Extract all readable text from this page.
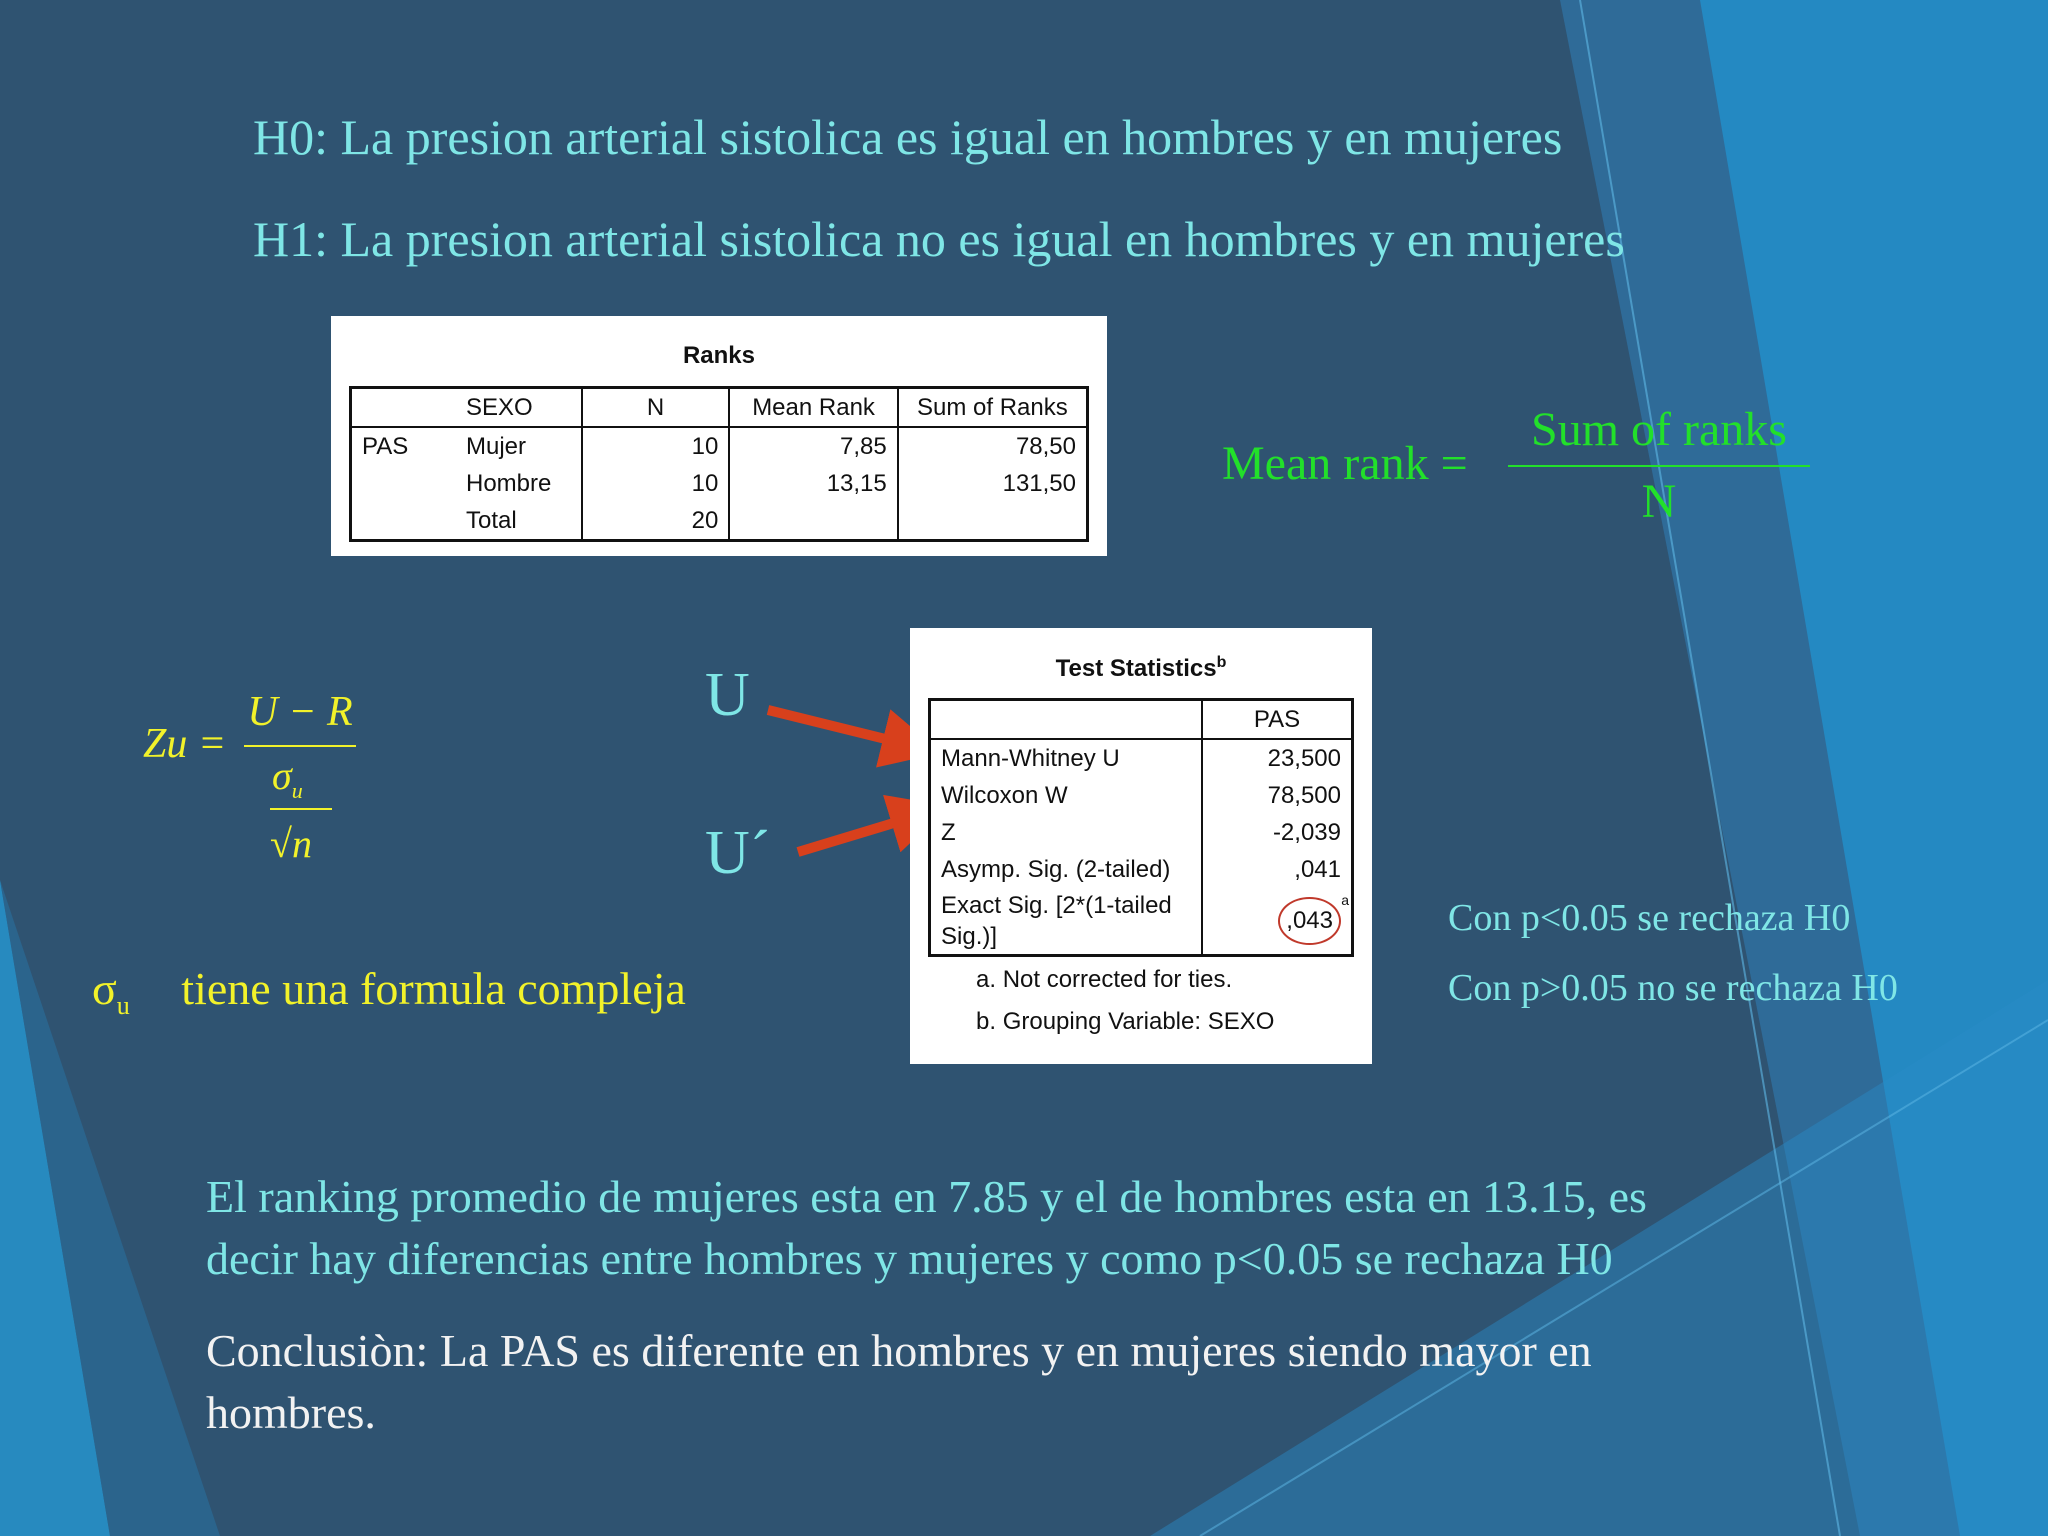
H0: La presion arterial sistolica es igual en hombres y en mujeres
H1: La presion arterial sistolica no es igual en hombres y en mujeres
Ranks
	SEXO	N	Mean Rank	Sum of Ranks
PAS	Mujer	10	7,85	78,50
	Hombre	10	13,15	131,50
	Total	20		
Mean rank =
Sum of ranks
N
Zu =
U − R
$\sigma_u$
√n
U
U´
Test Statistics$^b$
	PAS
Mann-Whitney U	23,500
Wilcoxon W	78,500
Z	-2,039
Asymp. Sig. (2-tailed)	,041
Exact Sig. [2*(1-tailed
Sig.)]	,043
a
a. Not corrected for ties.
b. Grouping Variable: SEXO
$\sigma_u$ tiene una formula compleja
Con p<0.05 se rechaza H0
Con p>0.05 no se rechaza H0
El ranking promedio de mujeres esta en 7.85 y el de hombres esta en 13.15, es
decir hay diferencias entre hombres y mujeres y como p<0.05 se rechaza H0
Conclusiòn: La PAS es diferente en hombres y en mujeres siendo mayor en
hombres.
